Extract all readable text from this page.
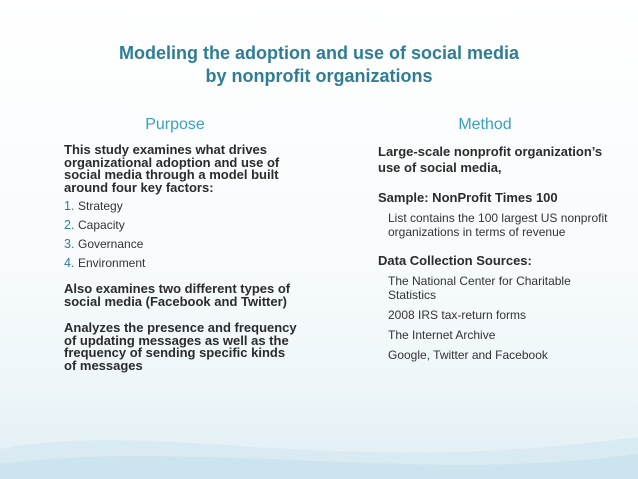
Modeling the adoption and use of social media
by nonprofit organizations
Purpose	Method
This study examines what drives organizational adoption and use of social media through a model built around four key factors:
1. Strategy
2. Capacity
3. Governance
4. Environment
Also examines two different types of social media (Facebook and Twitter)
Analyzes the presence and frequency of updating messages as well as the frequency of sending specific kinds of messages
Large-scale nonprofit organization’s use of social media,
Sample: NonProfit Times 100
List contains the 100 largest US nonprofit organizations in terms of revenue
Data Collection Sources:
The National Center for Charitable Statistics
2008 IRS tax-return forms
The Internet Archive
Google, Twitter and Facebook
